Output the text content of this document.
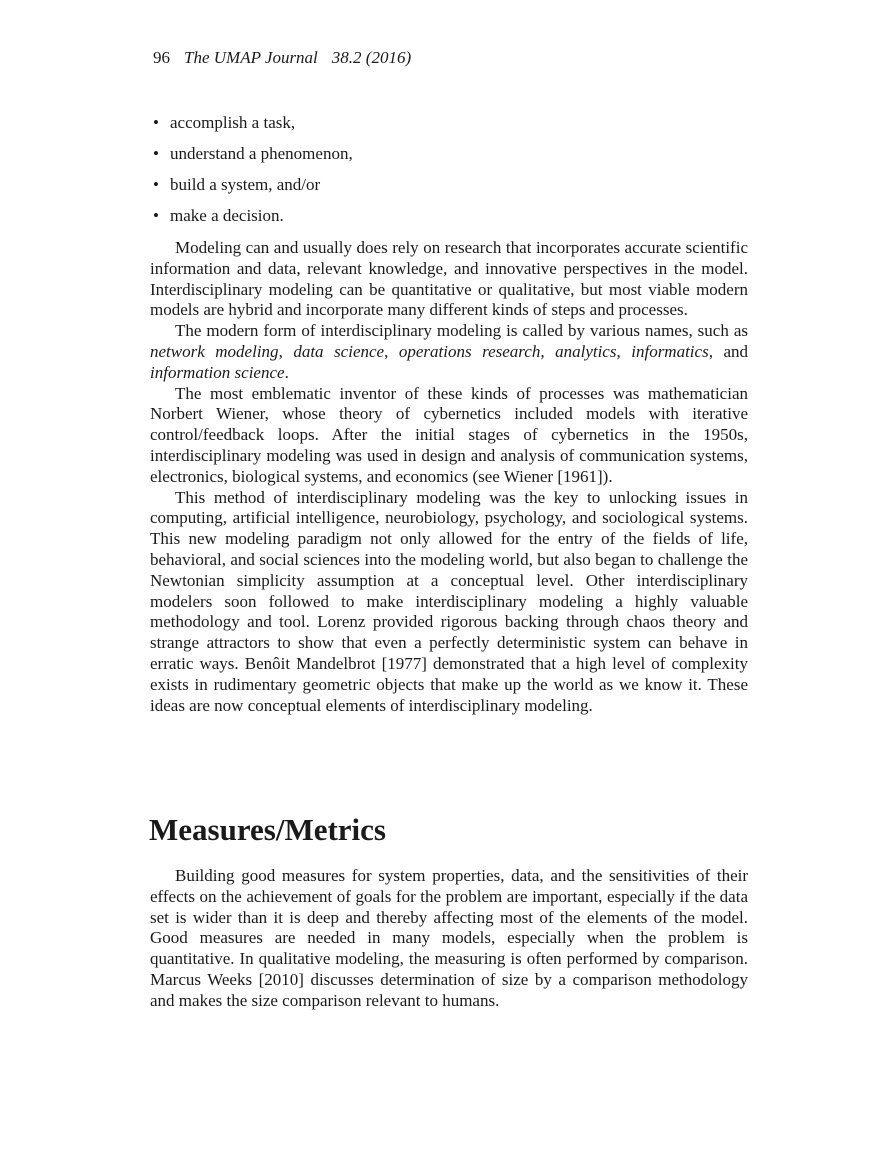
96 The UMAP Journal 38.2 (2016)
• accomplish a task,
• understand a phenomenon,
• build a system, and/or
• make a decision.

Modeling can and usually does rely on research that incorporates accurate scientific information and data, relevant knowledge, and innovative perspectives in the model. Interdisciplinary modeling can be quantitative or qualitative, but most viable modern models are hybrid and incorporate many different kinds of steps and processes.

The modern form of interdisciplinary modeling is called by various names, such as network modeling, data science, operations research, analytics, informatics, and information science.

The most emblematic inventor of these kinds of processes was mathematician Norbert Wiener, whose theory of cybernetics included models with iterative control/feedback loops. After the initial stages of cybernetics in the 1950s, interdisciplinary modeling was used in design and analysis of communication systems, electronics, biological systems, and economics (see Wiener [1961]).

This method of interdisciplinary modeling was the key to unlocking issues in computing, artificial intelligence, neurobiology, psychology, and sociological systems. This new modeling paradigm not only allowed for the entry of the fields of life, behavioral, and social sciences into the modeling world, but also began to challenge the Newtonian simplicity assumption at a conceptual level. Other interdisciplinary modelers soon followed to make interdisciplinary modeling a highly valuable methodology and tool. Lorenz provided rigorous backing through chaos theory and strange attractors to show that even a perfectly deterministic system can behave in erratic ways. Benôit Mandelbrot [1977] demonstrated that a high level of complexity exists in rudimentary geometric objects that make up the world as we know it. These ideas are now conceptual elements of interdisciplinary modeling.

Measures/Metrics

Building good measures for system properties, data, and the sensitivities of their effects on the achievement of goals for the problem are important, especially if the data set is wider than it is deep and thereby affecting most of the elements of the model. Good measures are needed in many models, especially when the problem is quantitative. In qualitative modeling, the measuring is often performed by comparison. Marcus Weeks [2010] discusses determination of size by a comparison methodology and makes the size comparison relevant to humans.
